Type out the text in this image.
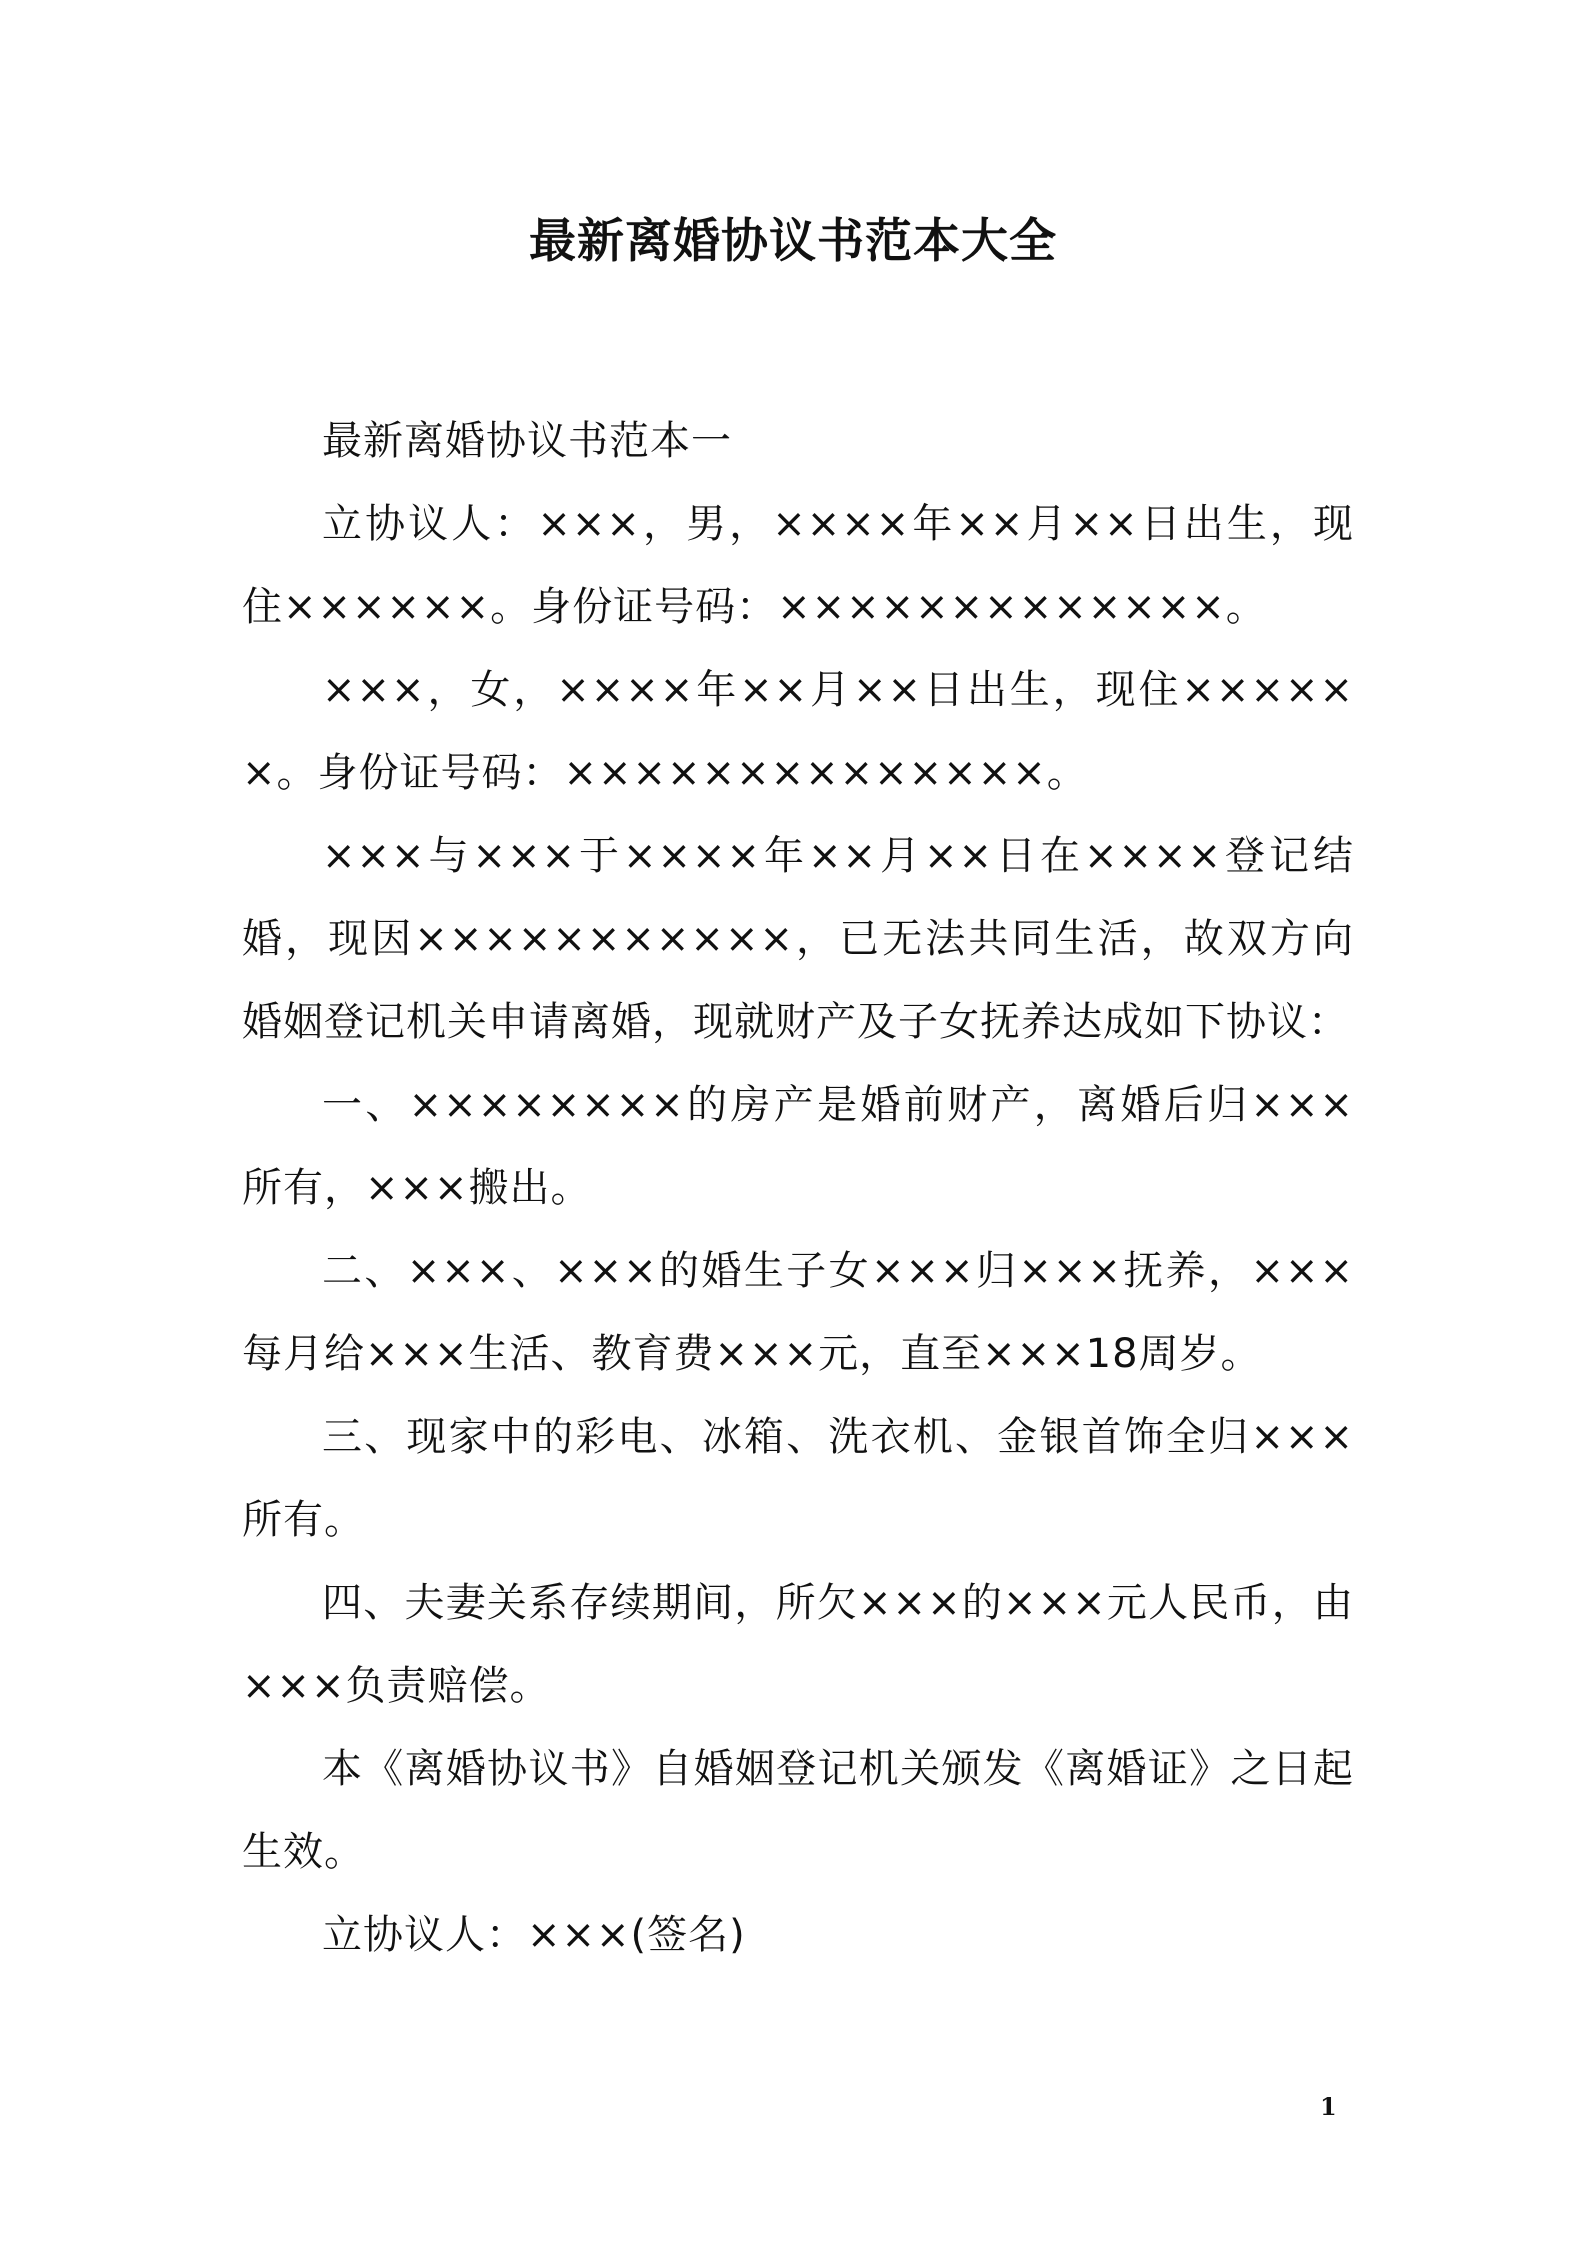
最新离婚协议书范本大全

最新离婚协议书范本一

立协议人：×××，男，××××年××月××日出生，现住××××××。身份证号码：×××××××××××××。

×××，女，××××年××月××日出生，现住××××××。身份证号码：××××××××××××××。

×××与×××于××××年××月××日在××××登记结婚，现因×××××××××××，已无法共同生活，故双方向婚姻登记机关申请离婚，现就财产及子女抚养达成如下协议：

一、××××××××的房产是婚前财产，离婚后归×××所有，×××搬出。

二、×××、×××的婚生子女×××归×××抚养，×××每月给×××生活、教育费×××元，直至×××18周岁。

三、现家中的彩电、冰箱、洗衣机、金银首饰全归×××所有。

四、夫妻关系存续期间，所欠×××的×××元人民币，由×××负责赔偿。

本《离婚协议书》自婚姻登记机关颁发《离婚证》之日起生效。

立协议人：×××(签名)

1
